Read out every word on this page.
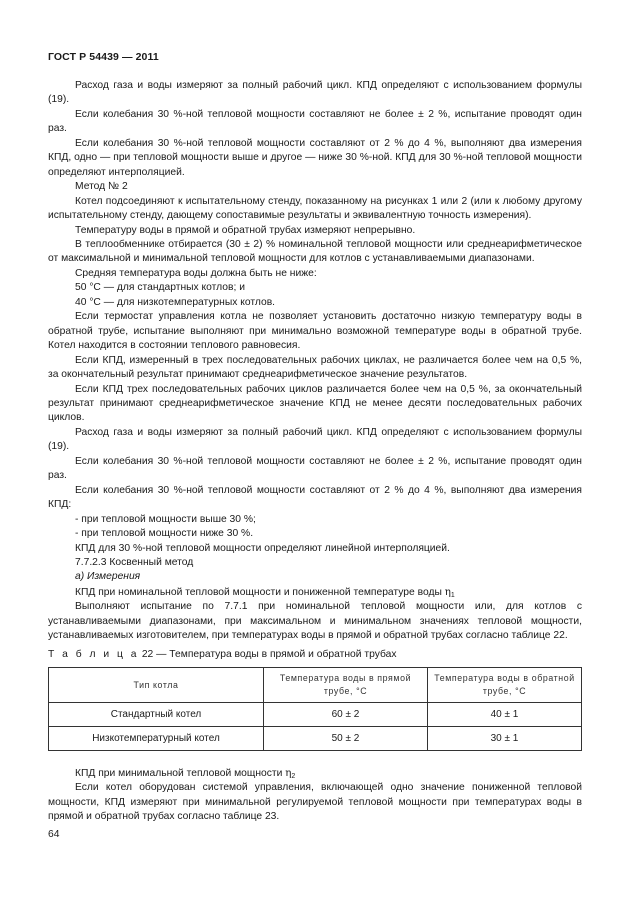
ГОСТ Р 54439 — 2011

Расход газа и воды измеряют за полный рабочий цикл. КПД определяют с использованием формулы (19).

Если колебания 30 %-ной тепловой мощности составляют не более ± 2 %, испытание проводят один раз.

Если колебания 30 %-ной тепловой мощности составляют от 2 % до 4 %, выполняют два измерения КПД, одно — при тепловой мощности выше и другое — ниже 30 %-ной. КПД для 30 %-ной тепловой мощности определяют интерполяцией.

Метод № 2

Котел подсоединяют к испытательному стенду, показанному на рисунках 1 или 2 (или к любому другому испытательному стенду, дающему сопоставимые результаты и эквивалентную точность измерения).

Температуру воды в прямой и обратной трубах измеряют непрерывно.

В теплообменнике отбирается (30 ± 2) % номинальной тепловой мощности или среднеарифметическое от максимальной и минимальной тепловой мощности для котлов с устанавливаемыми диапазонами.

Средняя температура воды должна быть не ниже:

50 °С — для стандартных котлов; и

40 °С — для низкотемпературных котлов.

Если термостат управления котла не позволяет установить достаточно низкую температуру воды в обратной трубе, испытание выполняют при минимально возможной температуре воды в обратной трубе. Котел находится в состоянии теплового равновесия.

Если КПД, измеренный в трех последовательных рабочих циклах, не различается более чем на 0,5 %, за окончательный результат принимают среднеарифметическое значение результатов.

Если КПД трех последовательных рабочих циклов различается более чем на 0,5 %, за окончательный результат принимают среднеарифметическое значение КПД не менее десяти последовательных рабочих циклов.

Расход газа и воды измеряют за полный рабочий цикл. КПД определяют с использованием формулы (19).

Если колебания 30 %-ной тепловой мощности составляют не более ± 2 %, испытание проводят один раз.

Если колебания 30 %-ной тепловой мощности составляют от 2 % до 4 %, выполняют два измерения КПД:

- при тепловой мощности выше 30 %;

- при тепловой мощности ниже 30 %.

КПД для 30 %-ной тепловой мощности определяют линейной интерполяцией.

7.7.2.3 Косвенный метод

а) Измерения

КПД при номинальной тепловой мощности и пониженной температуре воды $\eta_1$

Выполняют испытание по 7.7.1 при номинальной тепловой мощности или, для котлов с устанавливаемыми диапазонами, при максимальном и минимальном значениях тепловой мощности, устанавливаемых изготовителем, при температурах воды в прямой и обратной трубах согласно таблице 22.

Т а б л и ц а 22 — Температура воды в прямой и обратной трубах
Тип котла	Температура воды в прямой трубе, °С	Температура воды в обратной трубе, °С
Стандартный котел	60 ± 2	40 ± 1
Низкотемпературный котел	50 ± 2	30 ± 1

КПД при минимальной тепловой мощности $\eta_2$

Если котел оборудован системой управления, включающей одно значение пониженной тепловой мощности, КПД измеряют при минимальной регулируемой тепловой мощности при температурах воды в прямой и обратной трубах согласно таблице 23.

64
